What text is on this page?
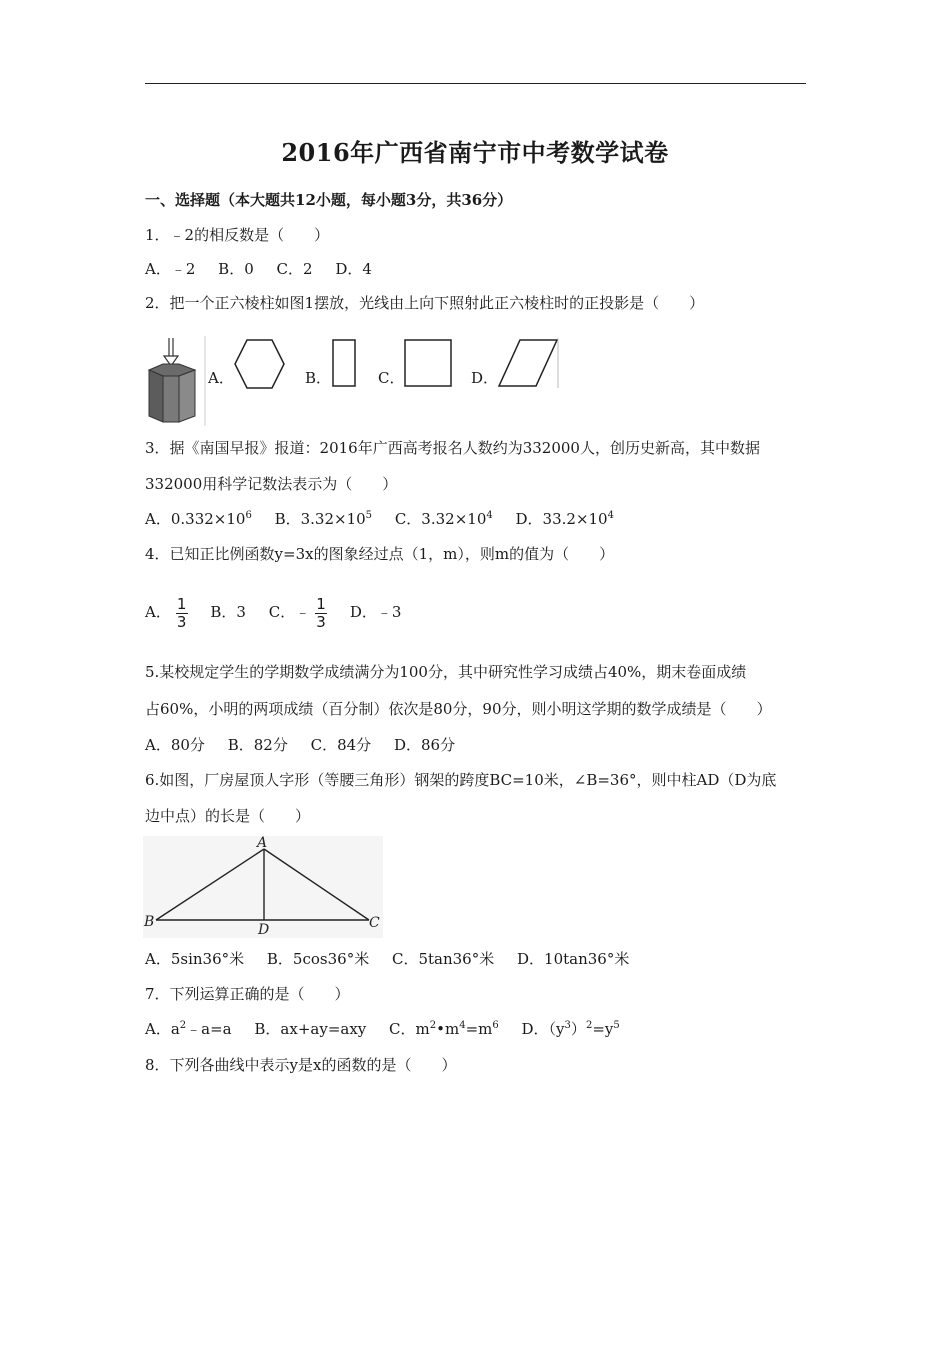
2016年广西省南宁市中考数学试卷
一、选择题（本大题共12小题，每小题3分，共36分）
1．﹣2的相反数是（　　）
A．﹣2 B．0 C．2 D．4
2．把一个正六棱柱如图1摆放，光线由上向下照射此正六棱柱时的正投影是（　　）
A．	B．	C．	D．
3．据《南国早报》报道：2016年广西高考报名人数约为332000人，创历史新高，其中数据
332000用科学记数法表示为（　　）
A．$0.332\times 10^6$ B．$3.32\times 10^5$ C．$3.32\times 10^4$ D．$33.2\times 10^4$
4．已知正比例函数y=3x的图象经过点（1，m），则m的值为（　　）
A． $\frac{1}{3}$ B．3 C．﹣ $\frac{1}{3}$ D．﹣3
5.某校规定学生的学期数学成绩满分为100分，其中研究性学习成绩占40%，期末卷面成绩
占60%，小明的两项成绩（百分制）依次是80分，90分，则小明这学期的数学成绩是（　　）
A．80分 B．82分 C．84分 D．86分
6.如图，厂房屋顶人字形（等腰三角形）钢架的跨度BC=10米，∠B=36°，则中柱AD（D为底
边中点）的长是（　　）
A
B	C
D
A．5sin36°米 B．5cos36°米 C．5tan36°米 D．10tan36°米
7．下列运算正确的是（　　）
A．$a^2﹣a=a$ B．ax+ay=axy C．$m^2•m^4=m^6$ D．$(y^3)^2=y^5$
8．下列各曲线中表示y是x的函数的是（　　）
